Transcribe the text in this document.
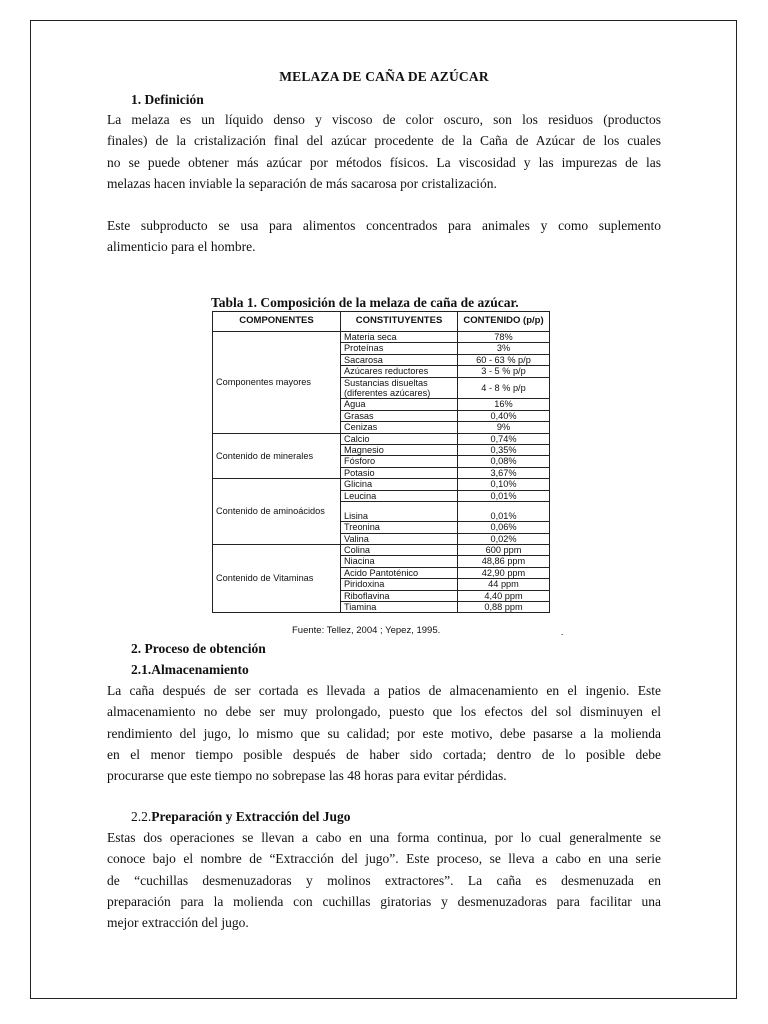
MELAZA DE CAÑA DE AZÚCAR
1. Definición
La melaza es un líquido denso y viscoso de color oscuro, son los residuos (productos
finales) de la cristalización final del azúcar procedente de la Caña de Azúcar de los cuales
no se puede obtener más azúcar por métodos físicos. La viscosidad y las impurezas de las
melazas hacen inviable la separación de más sacarosa por cristalización.
Este subproducto se usa para alimentos concentrados para animales y como suplemento
alimenticio para el hombre.
Tabla 1. Composición de la melaza de caña de azúcar.
COMPONENTES	CONSTITUYENTES	CONTENIDO (p/p)
Componentes mayores	Materia seca	78%
	Proteínas	3%
	Sacarosa	60 - 63 % p/p
	Azúcares reductores	3 - 5 % p/p
	Sustancias disueltas (diferentes azúcares)	4 - 8 % p/p
	Agua	16%
	Grasas	0,40%
	Cenizas	9%
Contenido de minerales	Calcio	0,74%
	Magnesio	0,35%
	Fósforo	0,08%
	Potasio	3,67%
Contenido de aminoácidos	Glicina	0,10%
	Leucina	0,01%
	Lisina	0,01%
	Treonina	0,06%
	Valina	0,02%
Contenido de Vitaminas	Colina	600 ppm
	Niacina	48,86 ppm
	Acido Pantoténico	42,90 ppm
	Piridoxina	44 ppm
	Riboflavina	4,40 ppm
	Tiamina	0,88 ppm
Fuente: Tellez, 2004 ; Yepez, 1995.	.
2. Proceso de obtención
2.1.Almacenamiento
La caña después de ser cortada es llevada a patios de almacenamiento en el ingenio. Este
almacenamiento no debe ser muy prolongado, puesto que los efectos del sol disminuyen el
rendimiento del jugo, lo mismo que su calidad; por este motivo, debe pasarse a la molienda
en el menor tiempo posible después de haber sido cortada; dentro de lo posible debe
procurarse que este tiempo no sobrepase las 48 horas para evitar pérdidas.
2.2.Preparación y Extracción del Jugo
Estas dos operaciones se llevan a cabo en una forma continua, por lo cual generalmente se
conoce bajo el nombre de “Extracción del jugo”. Este proceso, se lleva a cabo en una serie
de “cuchillas desmenuzadoras y molinos extractores”. La caña es desmenuzada en
preparación para la molienda con cuchillas giratorias y desmenuzadoras para facilitar una
mejor extracción del jugo.
